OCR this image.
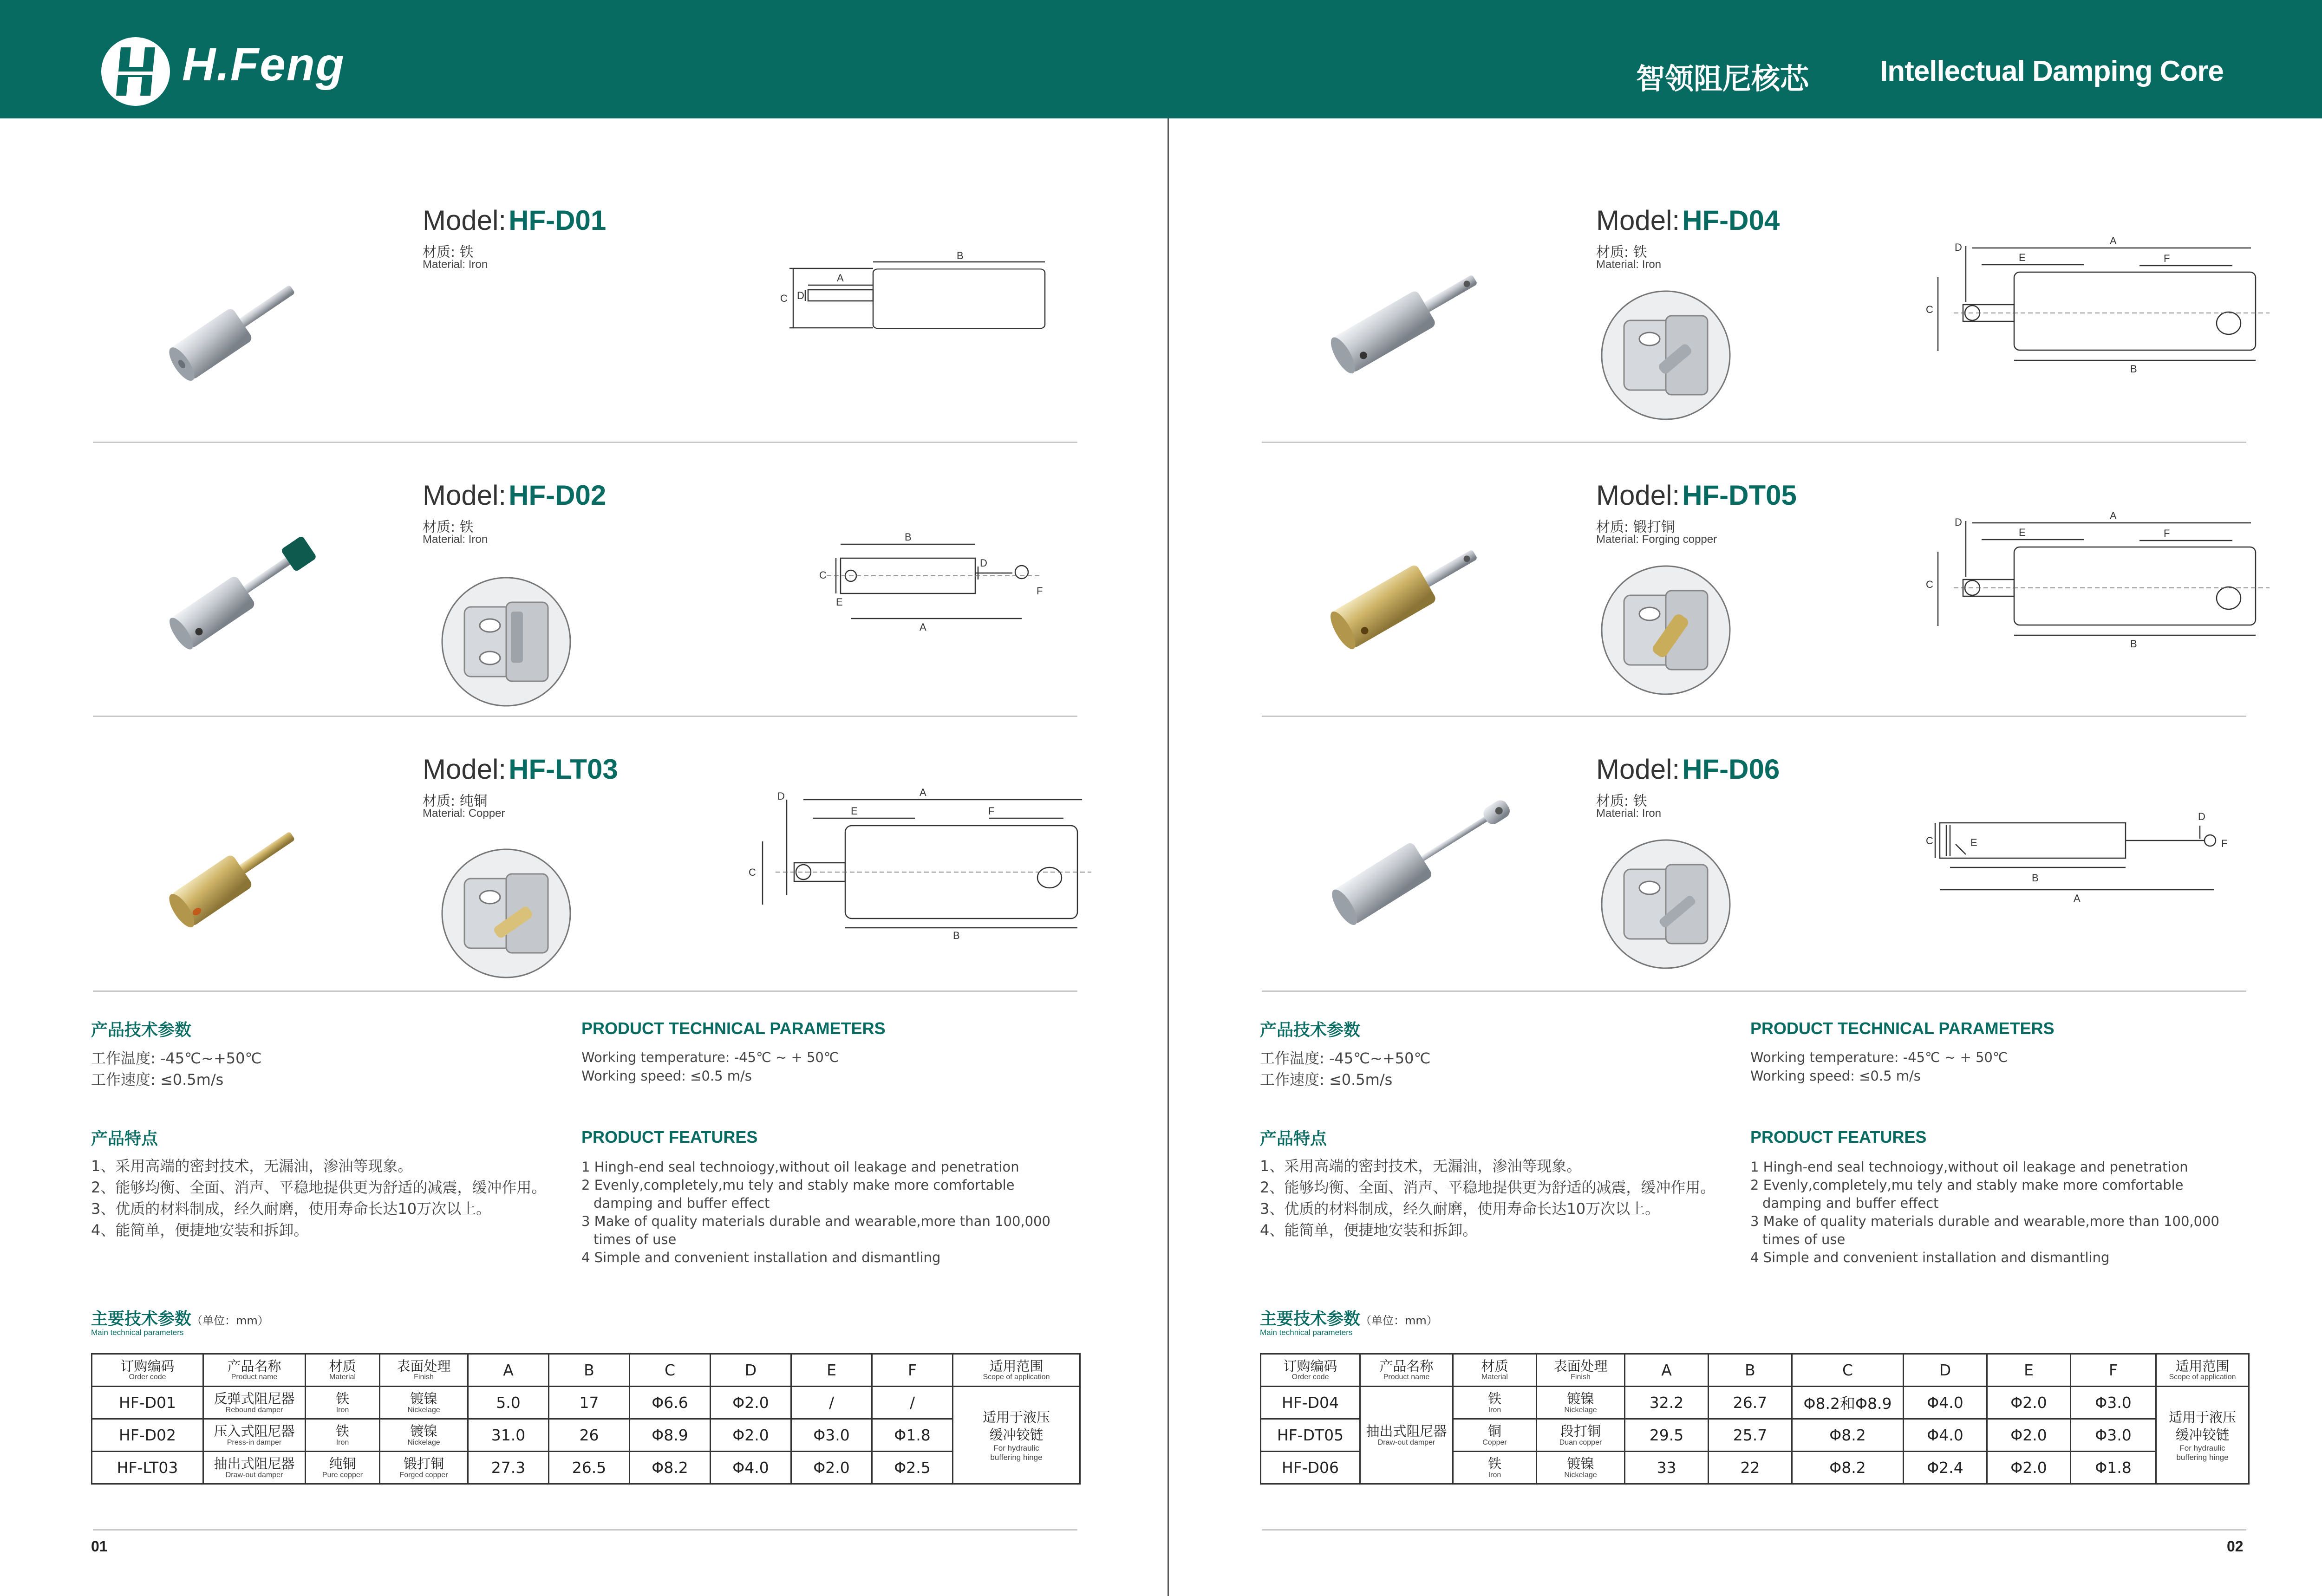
H.Feng	智领阻尼核芯 Intellectual Damping Core
Model: HF-D01
材质: 铁
Material: Iron
B
A
C D
Model: HF-D02
材质: 铁
Material: Iron	B
C
D
E
A
F
Model: HF-LT03
材质: 纯铜
Material: Copper
A
D
E	F
C
B
产品技术参数
工作温度: -45℃~+50℃
工作速度: ≤0.5m/s
PRODUCT TECHNICAL PARAMETERS
Working temperature: -45℃ ~ + 50℃
Working speed: ≤0.5 m/s
产品特点
1、采用高端的密封技术，无漏油，渗油等现象。
2、能够均衡、全面、消声、平稳地提供更为舒适的减震，缓冲作用。
3、优质的材料制成，经久耐磨，使用寿命长达10万次以上。
4、能简单，便捷地安装和拆卸。
PRODUCT FEATURES
1 Hingh-end seal technoiogy,without oil leakage and penetration
2 Evenly,completely,mu tely and stably make more comfortable damping and buffer effect
3 Make of quality materials durable and wearable,more than 100,000 times of use
4 Simple and convenient installation and dismantling
主要技术参数（单位：mm）
Main technical parameters
订购编码
Order code	产品名称
Product name	材质
Material	表面处理
Finish	A	B	C	D	E	F	适用范围
Scope of application

HF-D01	反弹式阻尼器
Rebound damper	铁
Iron	镀镍
Nickelage	5.0	17	Φ6.6	Φ2.0	/	/	适用于液压
缓冲铰链
For hydraulic
buffering hinge

HF-D02	压入式阻尼器
Press-in damper	铁
Iron	镀镍
Nickelage	31.0	26	Φ8.9	Φ2.0	Φ3.0	Φ1.8	
HF-LT03	抽出式阻尼器
Draw-out damper	纯铜
Pure copper	锻打铜
Forged copper	27.3	26.5	Φ8.2	Φ4.0	Φ2.0	Φ2.5	
01
Model: HF-D04
材质: 铁
Material: Iron
A
D
E	F
C
B
Model: HF-DT05
材质: 锻打铜
Material: Forging copper
A
D
E	F
C
B
Model: HF-D06
材质: 铁
Material: Iron
C	E
B
A
D
F
产品技术参数
工作温度: -45℃~+50℃
工作速度: ≤0.5m/s
PRODUCT TECHNICAL PARAMETERS
Working temperature: -45℃ ~ + 50℃
Working speed: ≤0.5 m/s
产品特点
1、采用高端的密封技术，无漏油，渗油等现象。
2、能够均衡、全面、消声、平稳地提供更为舒适的减震，缓冲作用。
3、优质的材料制成，经久耐磨，使用寿命长达10万次以上。
4、能简单，便捷地安装和拆卸。
PRODUCT FEATURES
1 Hingh-end seal technoiogy,without oil leakage and penetration
2 Evenly,completely,mu tely and stably make more comfortable damping and buffer effect
3 Make of quality materials durable and wearable,more than 100,000 times of use
4 Simple and convenient installation and dismantling
主要技术参数（单位：mm）
Main technical parameters
订购编码
Order code	产品名称
Product name	材质
Material	表面处理
Finish	A	B	C	D	E	F	适用范围
Scope of application

HF-D04	抽出式阻尼器
Draw-out damper	铁
Iron	镀镍
Nickelage	32.2	26.7	Φ8.2和Φ8.9	Φ4.0	Φ2.0	Φ3.0	适用于液压
缓冲铰链
For hydraulic
buffering hinge

HF-DT05		铜
Copper	段打铜
Duan copper	29.5	25.7	Φ8.2	Φ4.0	Φ2.0	Φ3.0	
HF-D06		铁
Iron	镀镍
Nickelage	33	22	Φ8.2	Φ2.4	Φ2.0	Φ1.8	
02
